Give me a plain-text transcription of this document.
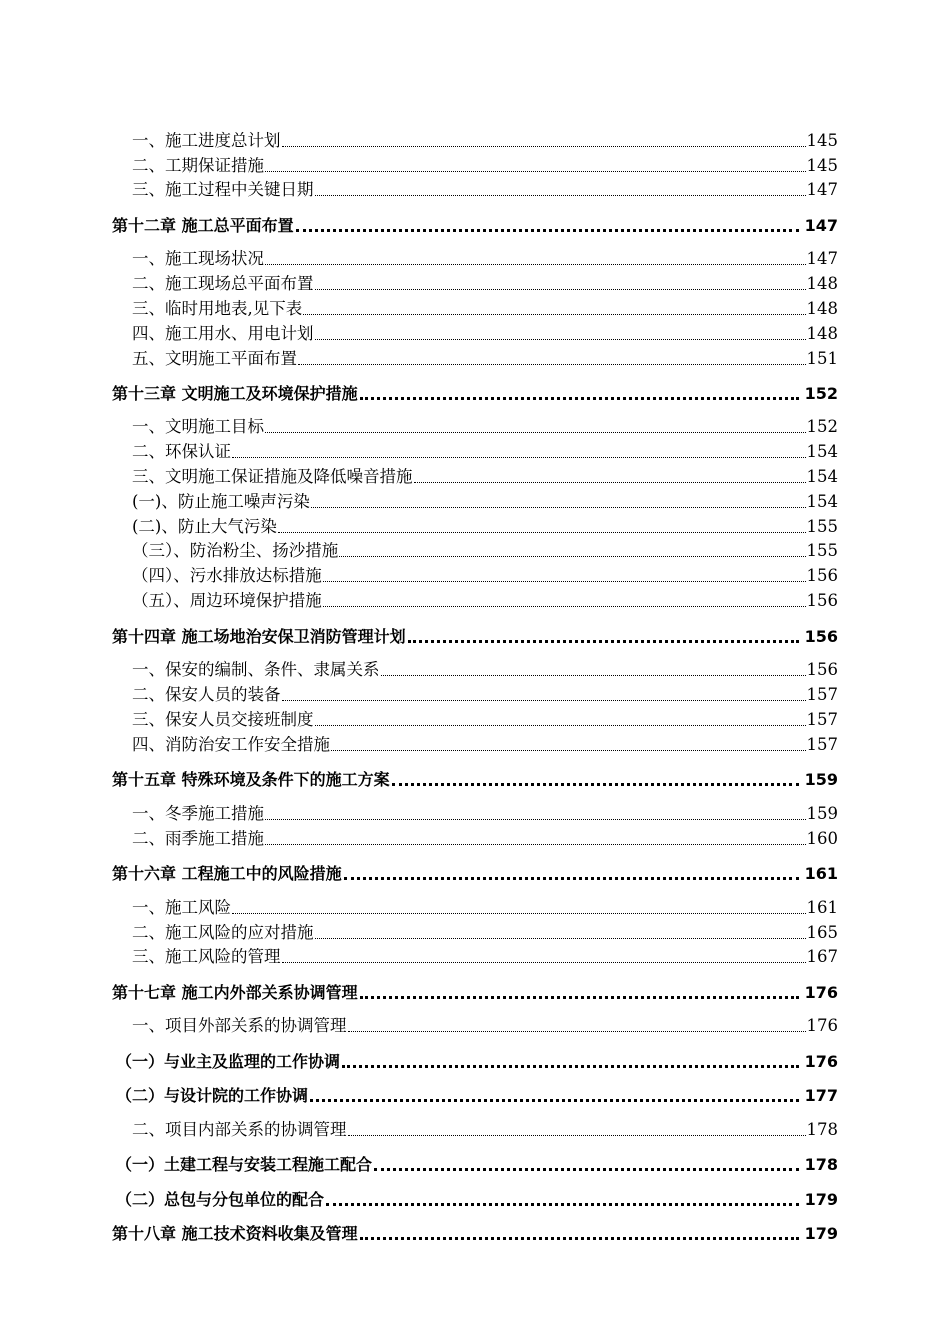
一、施工进度总计划	145
二、工期保证措施	145
三、施工过程中关键日期	147
第十二章 施工总平面布置	147
一、施工现场状况	147
二、施工现场总平面布置	148
三、临时用地表,见下表	148
四、施工用水、用电计划	148
五、文明施工平面布置	151
第十三章 文明施工及环境保护措施	152
一、文明施工目标	152
二、环保认证	154
三、文明施工保证措施及降低噪音措施	154
(一)、防止施工噪声污染	154
(二)、防止大气污染	155
（三）、防治粉尘、扬沙措施	155
（四）、污水排放达标措施	156
（五）、周边环境保护措施	156
第十四章 施工场地治安保卫消防管理计划	156
一、保安的编制、条件、隶属关系	156
二、保安人员的装备	157
三、保安人员交接班制度	157
四、消防治安工作安全措施	157
第十五章 特殊环境及条件下的施工方案	159
一、冬季施工措施	159
二、雨季施工措施	160
第十六章 工程施工中的风险措施	161
一、施工风险	161
二、施工风险的应对措施	165
三、施工风险的管理	167
第十七章 施工内外部关系协调管理	176
一、项目外部关系的协调管理	176
（一）与业主及监理的工作协调	176
（二）与设计院的工作协调	177
二、项目内部关系的协调管理	178
（一）土建工程与安装工程施工配合	178
（二）总包与分包单位的配合	179
第十八章 施工技术资料收集及管理	179
